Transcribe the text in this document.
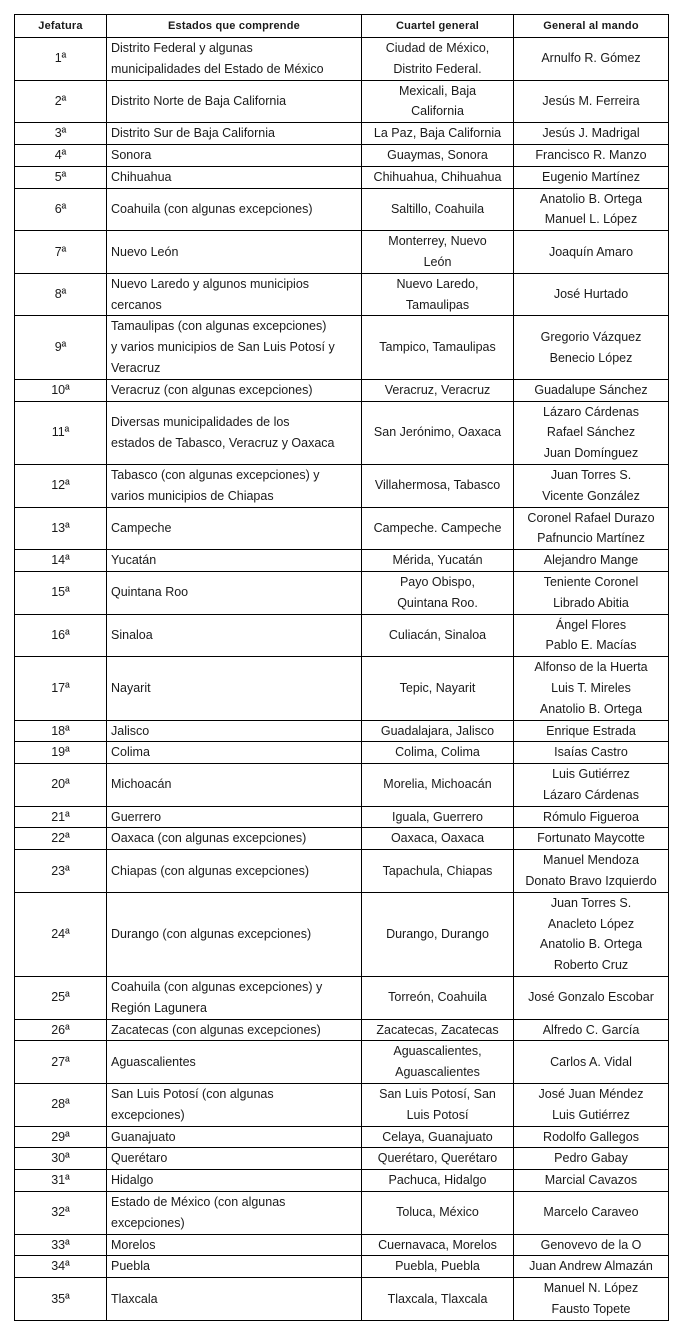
Jefatura	Estados que comprende	Cuartel general	General al mando
1ª	Distrito Federal y algunas
municipalidades del Estado de México	Ciudad de México,
Distrito Federal.	Arnulfo R. Gómez

2ª	Distrito Norte de Baja California	Mexicali, Baja
California	Jesús M. Ferreira

3ª	Distrito Sur de Baja California	La Paz, Baja California	Jesús J. Madrigal

4ª	Sonora	Guaymas, Sonora	Francisco R. Manzo

5ª	Chihuahua	Chihuahua, Chihuahua	Eugenio Martínez

6ª	Coahuila (con algunas excepciones)	Saltillo, Coahuila	Anatolio B. Ortega
Manuel L. López

7ª	Nuevo León	Monterrey, Nuevo
León	Joaquín Amaro

8ª	Nuevo Laredo y algunos municipios
cercanos	Nuevo Laredo,
Tamaulipas	José Hurtado

9ª	Tamaulipas (con algunas excepciones)
y varios municipios de San Luis Potosí y
Veracruz	Tampico, Tamaulipas	Gregorio Vázquez
Benecio López

10ª	Veracruz (con algunas excepciones)	Veracruz, Veracruz	Guadalupe Sánchez

11ª	Diversas municipalidades de los
estados de Tabasco, Veracruz y Oaxaca	San Jerónimo, Oaxaca	Lázaro Cárdenas
Rafael Sánchez
Juan Domínguez

12ª	Tabasco (con algunas excepciones) y
varios municipios de Chiapas	Villahermosa, Tabasco	Juan Torres S.
Vicente González

13ª	Campeche	Campeche. Campeche	Coronel Rafael Durazo
Pafnuncio Martínez

14ª	Yucatán	Mérida, Yucatán	Alejandro Mange

15ª	Quintana Roo	Payo Obispo,
Quintana Roo.	Teniente Coronel
Librado Abitia

16ª	Sinaloa	Culiacán, Sinaloa	Ángel Flores
Pablo E. Macías

17ª	Nayarit	Tepic, Nayarit	Alfonso de la Huerta
Luis T. Mireles
Anatolio B. Ortega

18ª	Jalisco	Guadalajara, Jalisco	Enrique Estrada

19ª	Colima	Colima, Colima	Isaías Castro

20ª	Michoacán	Morelia, Michoacán	Luis Gutiérrez
Lázaro Cárdenas

21ª	Guerrero	Iguala, Guerrero	Rómulo Figueroa

22ª	Oaxaca (con algunas excepciones)	Oaxaca, Oaxaca	Fortunato Maycotte

23ª	Chiapas (con algunas excepciones)	Tapachula, Chiapas	Manuel Mendoza
Donato Bravo Izquierdo

24ª	Durango (con algunas excepciones)	Durango, Durango	Juan Torres S.
Anacleto López
Anatolio B. Ortega
Roberto Cruz

25ª	Coahuila (con algunas excepciones) y
Región Lagunera	Torreón, Coahuila	José Gonzalo Escobar

26ª	Zacatecas (con algunas excepciones)	Zacatecas, Zacatecas	Alfredo C. García

27ª	Aguascalientes	Aguascalientes,
Aguascalientes	Carlos A. Vidal

28ª	San Luis Potosí (con algunas
excepciones)	San Luis Potosí, San
Luis Potosí	José Juan Méndez
Luis Gutiérrez

29ª	Guanajuato	Celaya, Guanajuato	Rodolfo Gallegos

30ª	Querétaro	Querétaro, Querétaro	Pedro Gabay

31ª	Hidalgo	Pachuca, Hidalgo	Marcial Cavazos

32ª	Estado de México (con algunas
excepciones)	Toluca, México	Marcelo Caraveo

33ª	Morelos	Cuernavaca, Morelos	Genovevo de la O

34ª	Puebla	Puebla, Puebla	Juan Andrew Almazán

35ª	Tlaxcala	Tlaxcala, Tlaxcala	Manuel N. López
Fausto Topete
